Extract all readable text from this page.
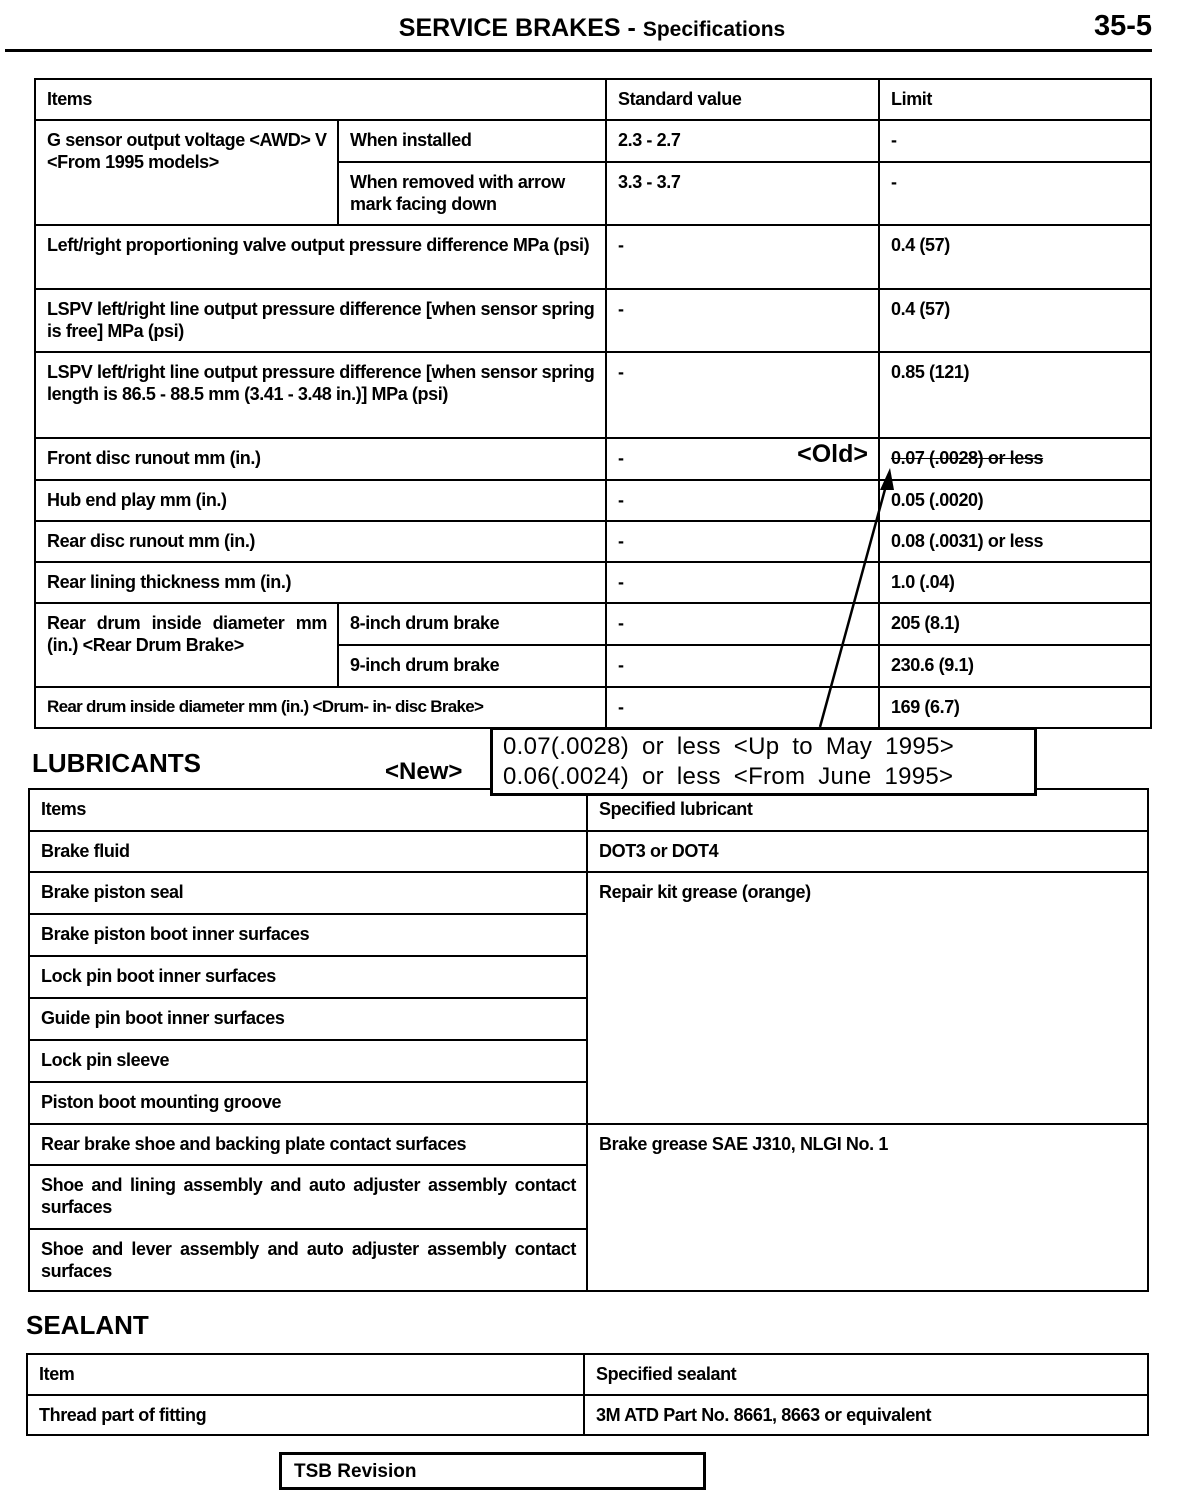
SERVICE BRAKES - Specifications	35-5
Items		Standard value	Limit
G sensor output voltage <AWD> V <From 1995 models>	When installed	2.3 - 2.7	-
	When removed with arrow mark facing down	3.3 - 3.7	-
Left/right proportioning valve output pressure difference MPa (psi)		-	0.4 (57)
LSPV left/right line output pressure difference [when sensor spring is free] MPa (psi)		-	0.4 (57)
LSPV left/right line output pressure difference [when sensor spring length is 86.5 - 88.5 mm (3.41 - 3.48 in.)] MPa (psi)		-	0.85 (121)
Front disc runout mm (in.)		- <Old>	0.07 (.0028) or less
Hub end play mm (in.)		-	0.05 (.0020)
Rear disc runout mm (in.)		-	0.08 (.0031) or less
Rear lining thickness mm (in.)		-	1.0 (.04)
Rear drum inside diameter mm (in.) <Rear Drum Brake>	8-inch drum brake	-	205 (8.1)
	9-inch drum brake	-	230.6 (9.1)
Rear drum inside diameter mm (in.) <Drum- in- disc Brake>		-	169 (6.7)
LUBRICANTS	<New>
Items	Specified lubricant
Brake fluid	DOT3 or DOT4
Brake piston seal	Repair kit grease (orange)
Brake piston boot inner surfaces	
Lock pin boot inner surfaces	
Guide pin boot inner surfaces	
Lock pin sleeve	
Piston boot mounting groove	
Rear brake shoe and backing plate contact surfaces	Brake grease SAE J310, NLGI No. 1
Shoe and lining assembly and auto adjuster assembly contact surfaces	
Shoe and lever assembly and auto adjuster assembly contact surfaces	
0.07(.0028) or less <Up to May 1995>
0.06(.0024) or less <From June 1995>
SEALANT
Item	Specified sealant
Thread part of fitting	3M ATD Part No. 8661, 8663 or equivalent
TSB Revision
